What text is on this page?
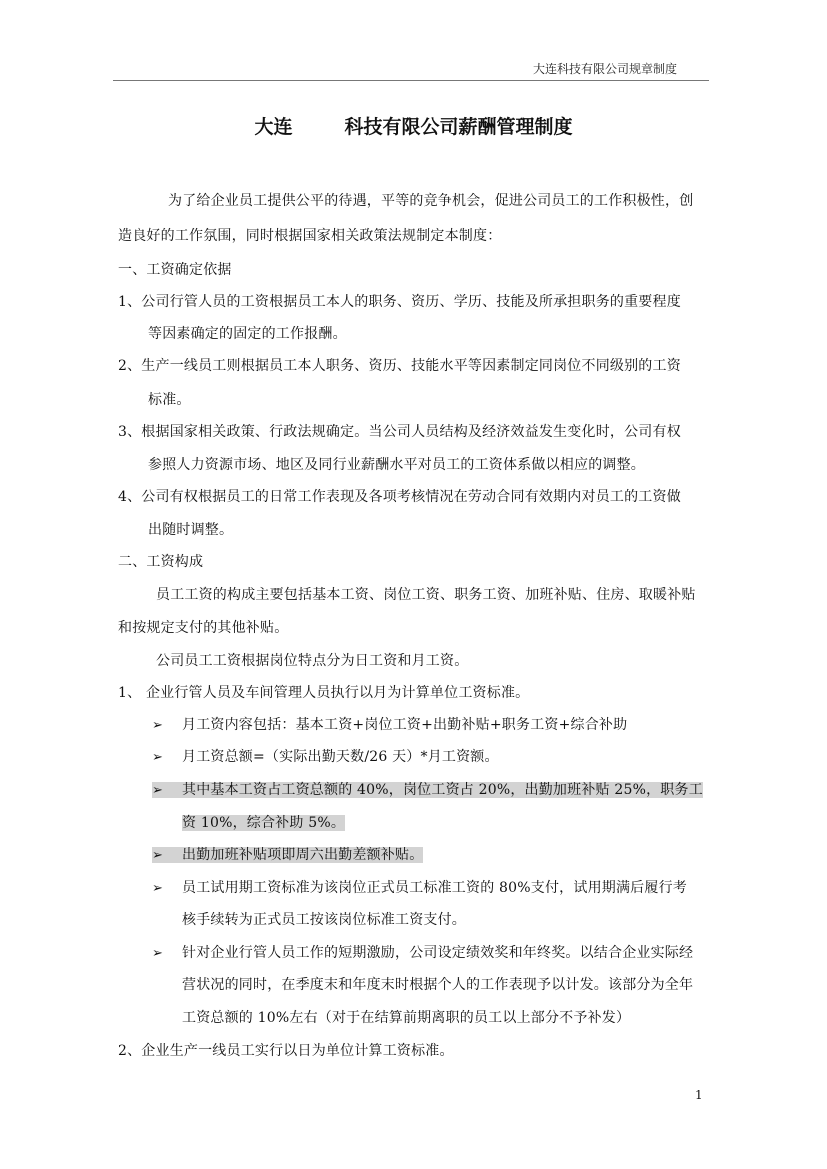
大连科技有限公司规章制度
大连	科技有限公司薪酬管理制度
为了给企业员工提供公平的待遇，平等的竞争机会，促进公司员工的工作积极性，创
造良好的工作氛围，同时根据国家相关政策法规制定本制度：
一、工资确定依据
1、公司行管人员的工资根据员工本人的职务、资历、学历、技能及所承担职务的重要程度
等因素确定的固定的工作报酬。
2、生产一线员工则根据员工本人职务、资历、技能水平等因素制定同岗位不同级别的工资
标准。
3、根据国家相关政策、行政法规确定。当公司人员结构及经济效益发生变化时，公司有权
参照人力资源市场、地区及同行业薪酬水平对员工的工资体系做以相应的调整。
4、公司有权根据员工的日常工作表现及各项考核情况在劳动合同有效期内对员工的工资做
出随时调整。
二、工资构成
员工工资的构成主要包括基本工资、岗位工资、职务工资、加班补贴、住房、取暖补贴
和按规定支付的其他补贴。
公司员工工资根据岗位特点分为日工资和月工资。
1、 企业行管人员及车间管理人员执行以月为计算单位工资标准。
➢ 月工资内容包括：基本工资+岗位工资+出勤补贴+职务工资+综合补助
➢ 月工资总额=（实际出勤天数/26 天）*月工资额。
➢ 其中基本工资占工资总额的 40%，岗位工资占 20%，出勤加班补贴 25%，职务工
资 10%，综合补助 5%。
➢ 出勤加班补贴项即周六出勤差额补贴。
➢ 员工试用期工资标准为该岗位正式员工标准工资的 80%支付，试用期满后履行考
核手续转为正式员工按该岗位标准工资支付。
➢ 针对企业行管人员工作的短期激励，公司设定绩效奖和年终奖。以结合企业实际经
营状况的同时，在季度末和年度末时根据个人的工作表现予以计发。该部分为全年
工资总额的 10%左右（对于在结算前期离职的员工以上部分不予补发）
2、企业生产一线员工实行以日为单位计算工资标准。
1
